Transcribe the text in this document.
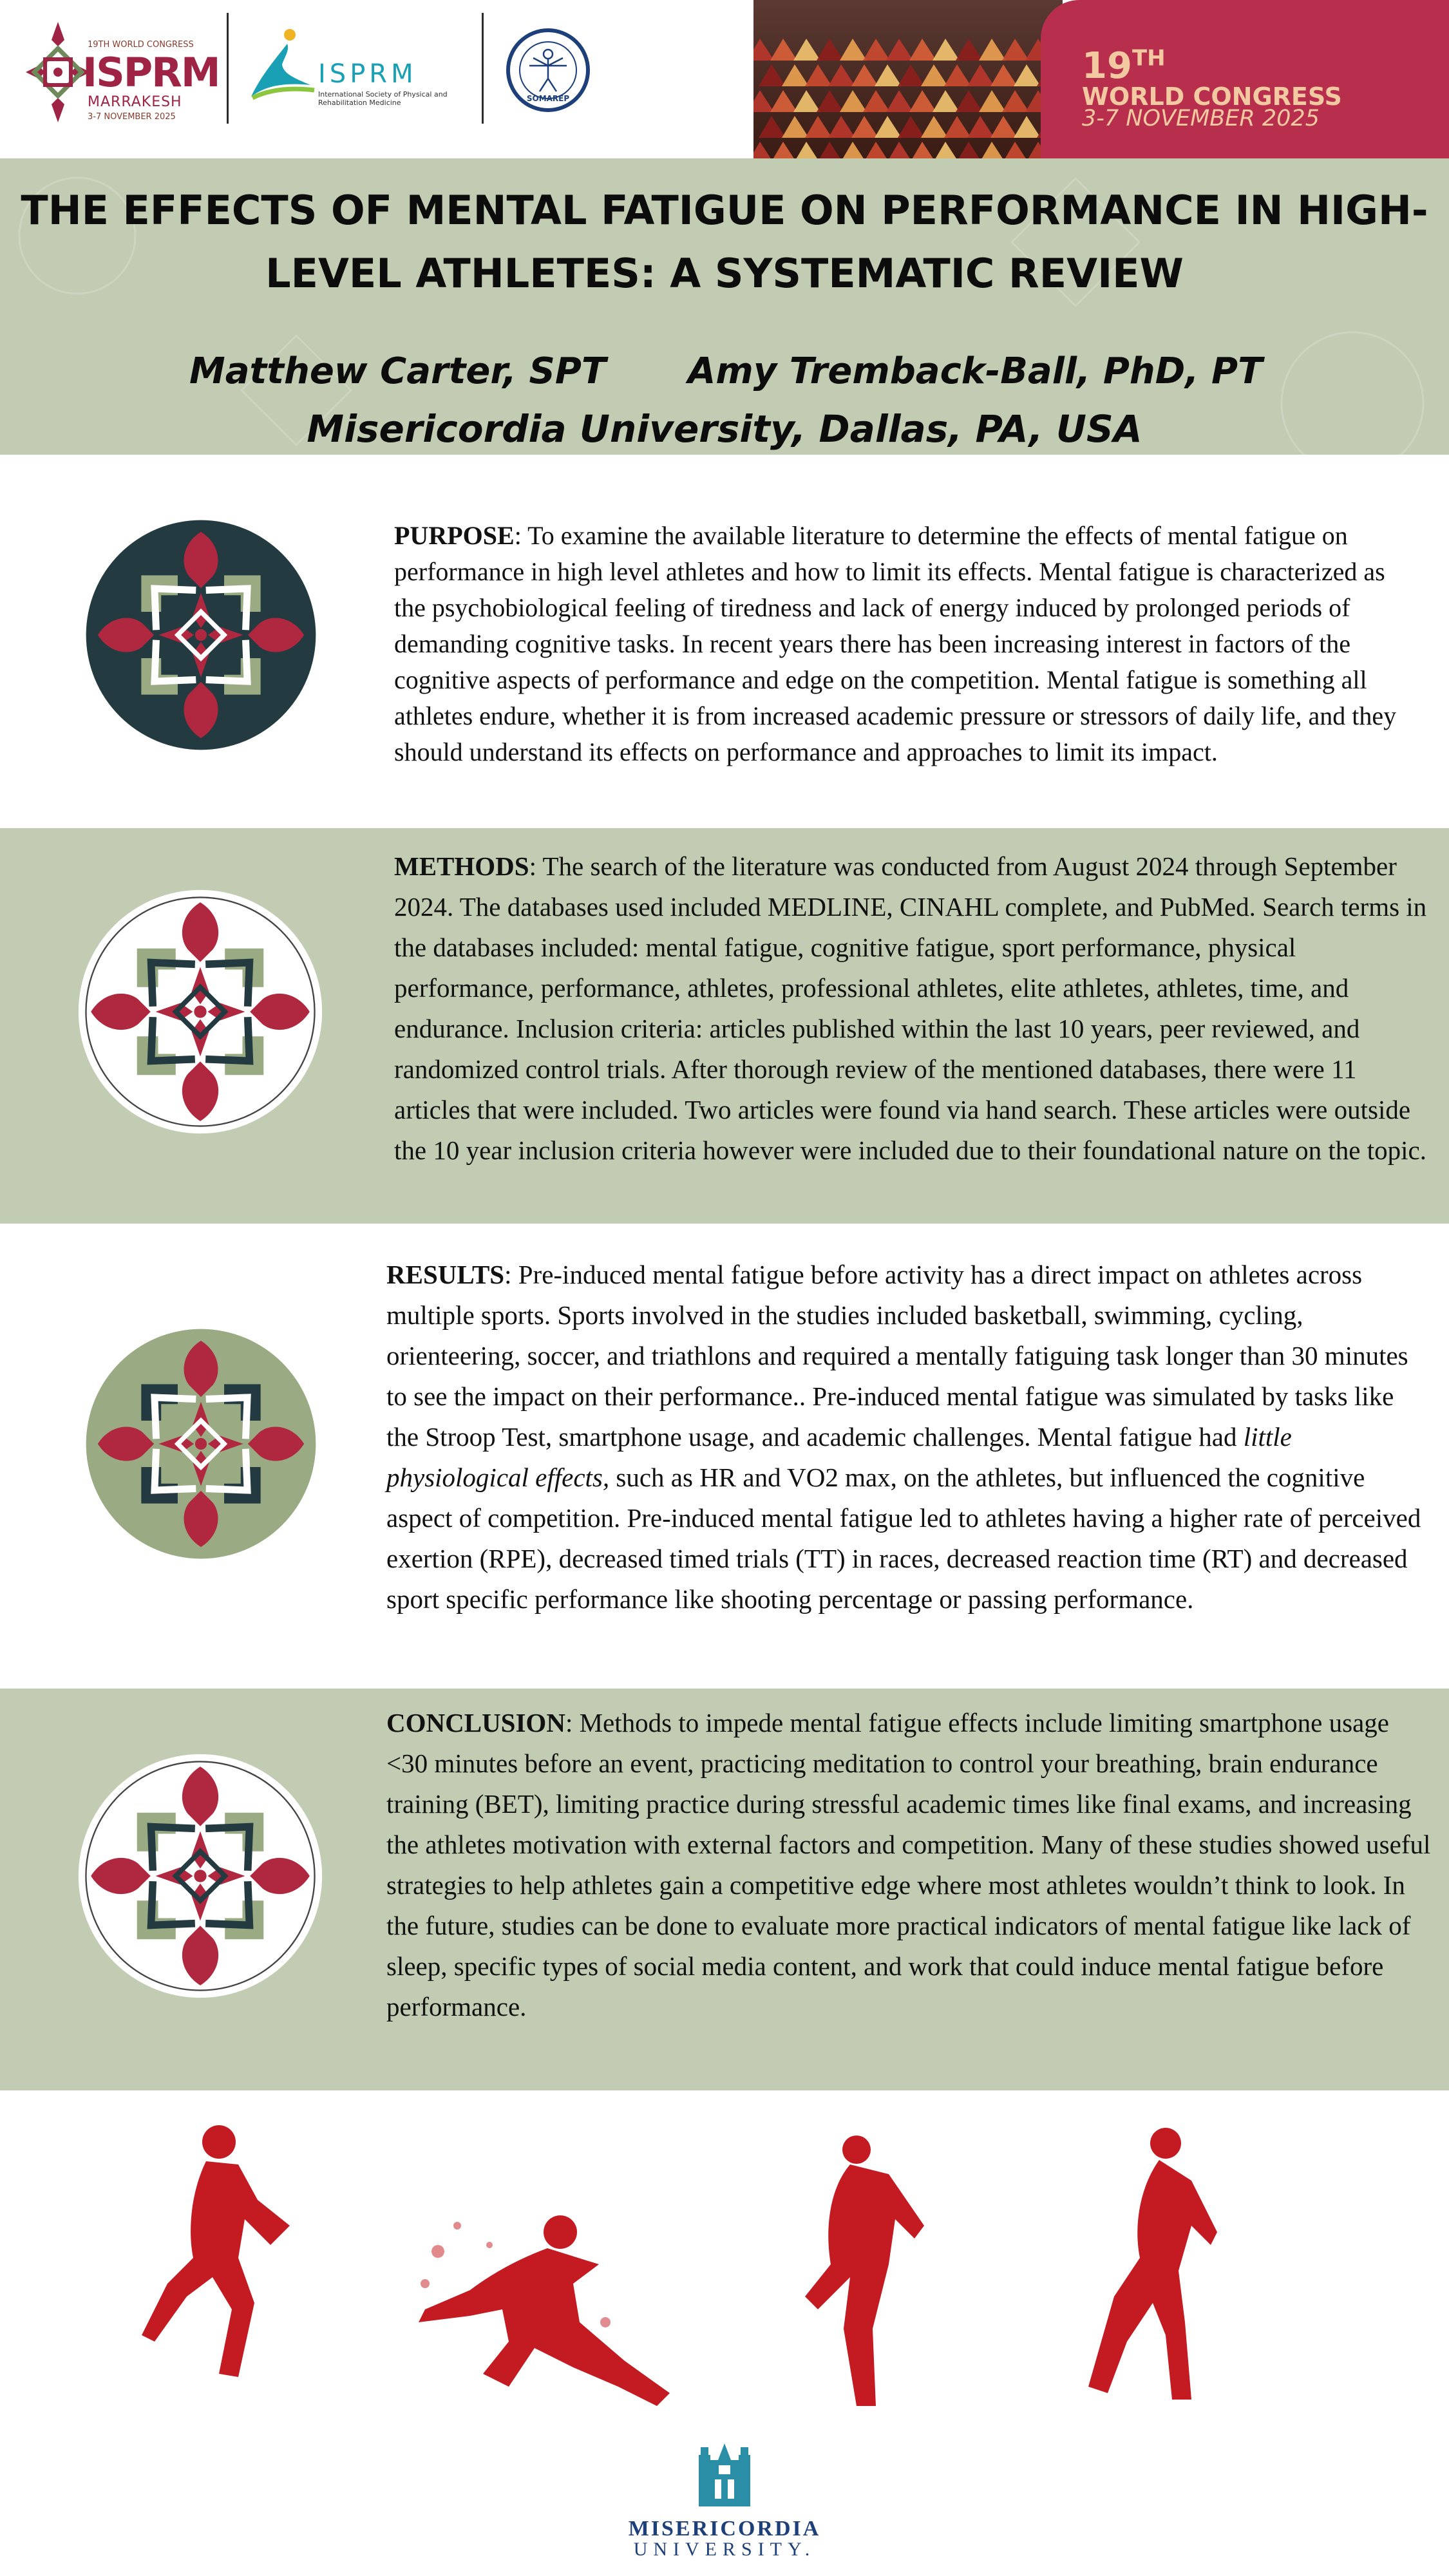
19TH WORLD CONGRESS
ISPRM
MARRAKESH
3-7 NOVEMBER 2025
ISPRM
International Society of Physical and Rehabilitation Medicine	SOMAREP
19TH
WORLD CONGRESS
3-7 NOVEMBER 2025
THE EFFECTS OF MENTAL FATIGUE ON PERFORMANCE IN HIGH-
LEVEL ATHLETES: A SYSTEMATIC REVIEW
Matthew Carter, SPT Amy Tremback-Ball, PhD, PT
Misericordia University, Dallas, PA, USA
PURPOSE: To examine the available literature to determine the effects of mental fatigue on performance in high level athletes and how to limit its effects. Mental fatigue is characterized as the psychobiological feeling of tiredness and lack of energy induced by prolonged periods of demanding cognitive tasks. In recent years there has been increasing interest in factors of the cognitive aspects of performance and edge on the competition. Mental fatigue is something all athletes endure, whether it is from increased academic pressure or stressors of daily life, and they should understand its effects on performance and approaches to limit its impact.
METHODS: The search of the literature was conducted from August 2024 through September 2024. The databases used included MEDLINE, CINAHL complete, and PubMed. Search terms in the databases included: mental fatigue, cognitive fatigue, sport performance, physical performance, performance, athletes, professional athletes, elite athletes, athletes, time, and endurance. Inclusion criteria: articles published within the last 10 years, peer reviewed, and randomized control trials. After thorough review of the mentioned databases, there were 11 articles that were included. Two articles were found via hand search. These articles were outside the 10 year inclusion criteria however were included due to their foundational nature on the topic.
RESULTS: Pre-induced mental fatigue before activity has a direct impact on athletes across multiple sports. Sports involved in the studies included basketball, swimming, cycling, orienteering, soccer, and triathlons and required a mentally fatiguing task longer than 30 minutes to see the impact on their performance.. Pre-induced mental fatigue was simulated by tasks like the Stroop Test, smartphone usage, and academic challenges. Mental fatigue had little physiological effects, such as HR and VO2 max, on the athletes, but influenced the cognitive aspect of competition. Pre-induced mental fatigue led to athletes having a higher rate of perceived exertion (RPE), decreased timed trials (TT) in races, decreased reaction time (RT) and decreased sport specific performance like shooting percentage or passing performance.
CONCLUSION: Methods to impede mental fatigue effects include limiting smartphone usage <30 minutes before an event, practicing meditation to control your breathing, brain endurance training (BET), limiting practice during stressful academic times like final exams, and increasing the athletes motivation with external factors and competition. Many of these studies showed useful strategies to help athletes gain a competitive edge where most athletes wouldn’t think to look. In the future, studies can be done to evaluate more practical indicators of mental fatigue like lack of sleep, specific types of social media content, and work that could induce mental fatigue before performance.
MISERICORDIA
UNIVERSITY.
